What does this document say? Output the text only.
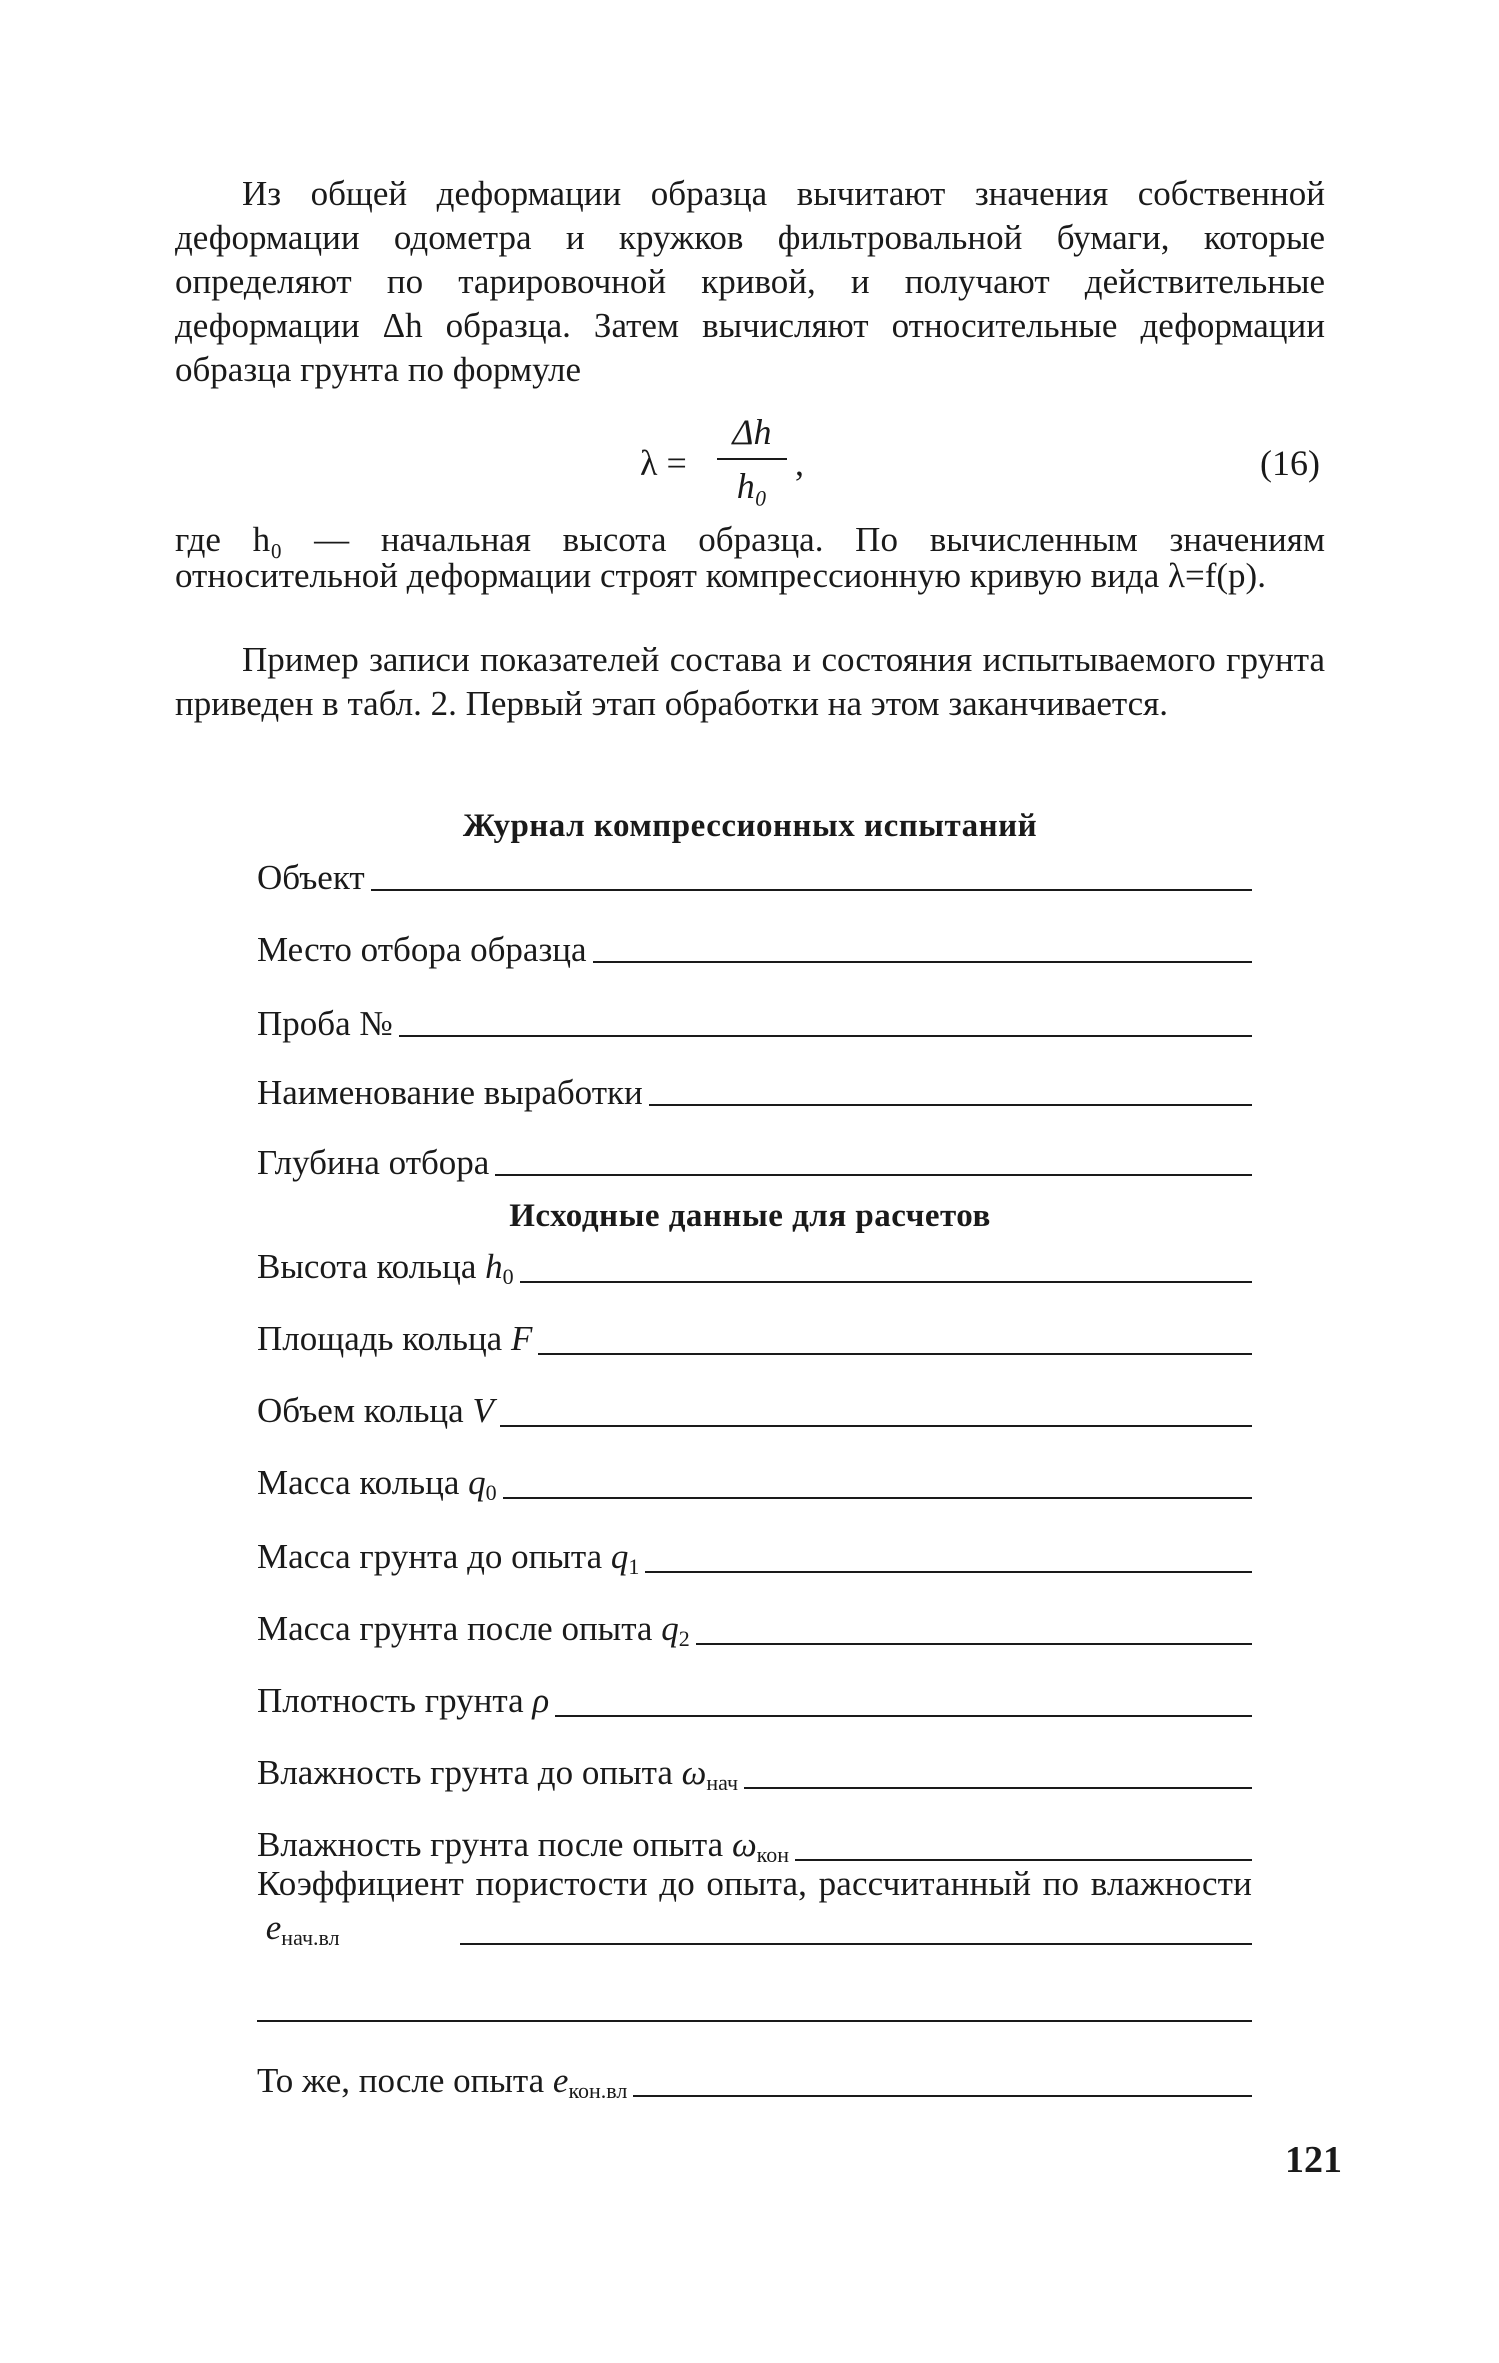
Из общей деформации образца вычитают значения собственной деформации одометра и кружков фильтровальной бумаги, которые определяют по тарировочной кривой, и получают действительные деформации Δh образца. Затем вычисляют относительные деформации образца грунта по формуле

λ =
Δh
h₀
,	(16)

где h₀ — начальная высота образца. По вычисленным значениям относительной деформации строят компрессионную кривую вида λ=f(p).

Пример записи показателей состава и состояния испытываемого грунта приведен в табл. 2. Первый этап обработки на этом заканчивается.

Журнал компрессионных испытаний
Объект
Место отбора образца
Проба №
Наименование выработки
Глубина отбора
Исходные данные для расчетов
Высота кольца $h_0$
Площадь кольца F
Объем кольца V
Масса кольца $q_0$
Масса грунта до опыта $q_1$
Масса грунта после опыта $q_2$
Плотность грунта ρ
Влажность грунта до опыта $\omega_{нач}$
Влажность грунта после опыта $\omega_{кон}$
Коэффициент пористости до опыта, рассчитанный по влажности $e_{нач.вл}$
То же, после опыта $e_{кон.вл}$
121
